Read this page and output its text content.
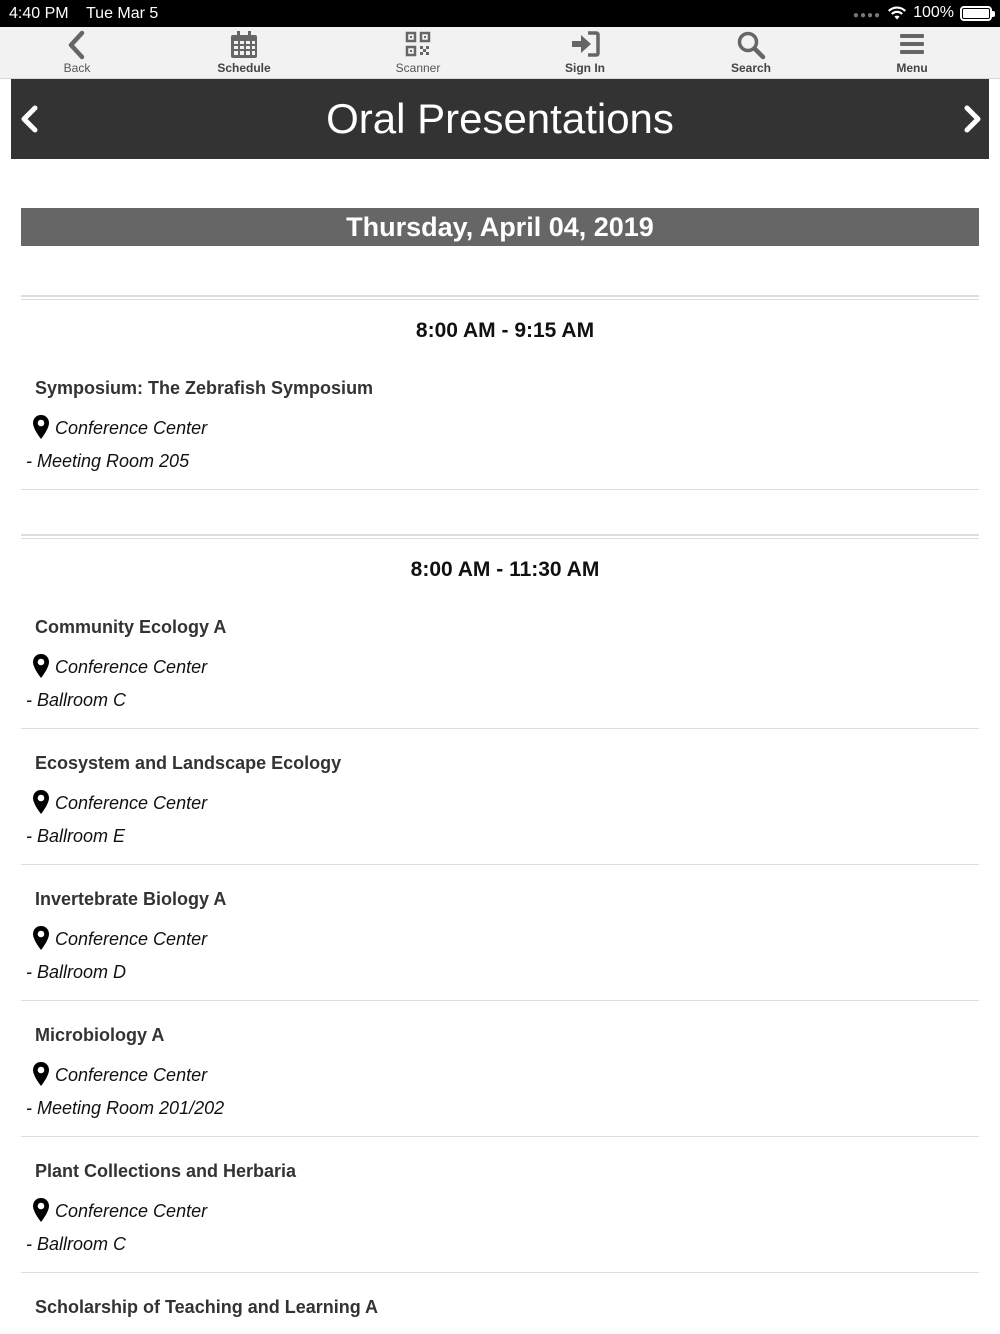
4:40 PM Tue Mar 5	●●●● 100%
Back	Schedule	Scanner	Sign In	Search	Menu
Oral Presentations
Thursday, April 04, 2019
8:00 AM - 9:15 AM
Symposium: The Zebrafish Symposium
Conference Center
- Meeting Room 205
8:00 AM - 11:30 AM
Community Ecology A
Conference Center
- Ballroom C
Ecosystem and Landscape Ecology
Conference Center
- Ballroom E
Invertebrate Biology A
Conference Center
- Ballroom D
Microbiology A
Conference Center
- Meeting Room 201/202
Plant Collections and Herbaria
Conference Center
- Ballroom C
Scholarship of Teaching and Learning A
